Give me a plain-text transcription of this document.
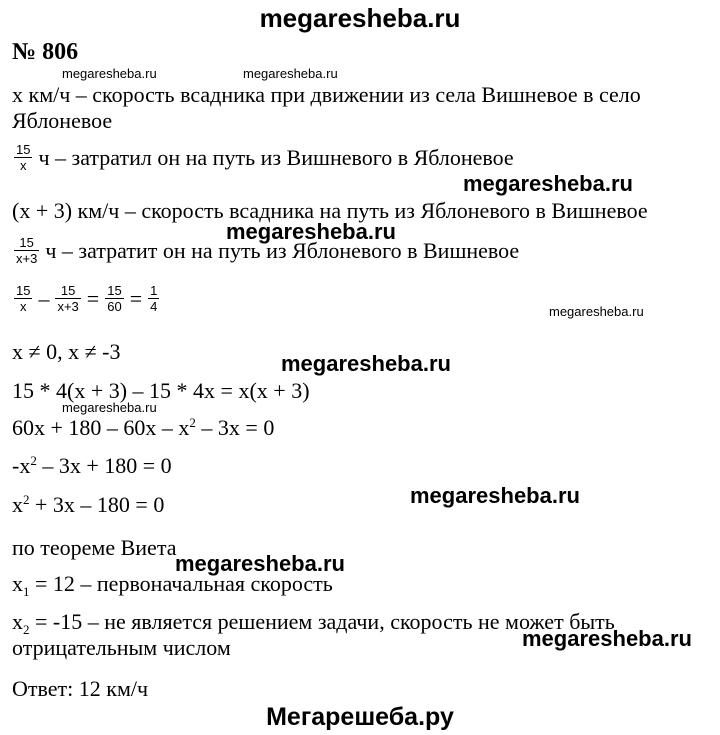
megaresheba.ru
№ 806
megaresheba.ru	megaresheba.ru
x км/ч – скорость всадника при движении из села Вишневое в село
Яблоневое
$\frac{15}{x}$ ч – затратил он на путь из Вишневого в Яблоневое
megaresheba.ru
(x + 3) км/ч – скорость всадника на путь из Яблоневого в Вишневое
megaresheba.ru
$\frac{15}{x+3}$ ч – затратит он на путь из Яблоневого в Вишневое
$\frac{15}{x} - \frac{15}{x+3} = \frac{15}{60} = \frac{1}{4}$	megaresheba.ru
x ≠ 0, x ≠ -3	megaresheba.ru
15 * 4(x + 3) – 15 * 4x = x(x + 3)
megaresheba.ru
$60x + 180 - 60x - x^2 - 3x = 0$
$-x^2 - 3x + 180 = 0$
$x^2 + 3x - 180 = 0$	megaresheba.ru
по теореме Виета
megaresheba.ru
$x_1 = 12$ – первоначальная скорость
$x_2 = -15$ – не является решением задачи, скорость не может быть
отрицательным числом	megaresheba.ru
Ответ: 12 км/ч
Мегарешеба.ру
